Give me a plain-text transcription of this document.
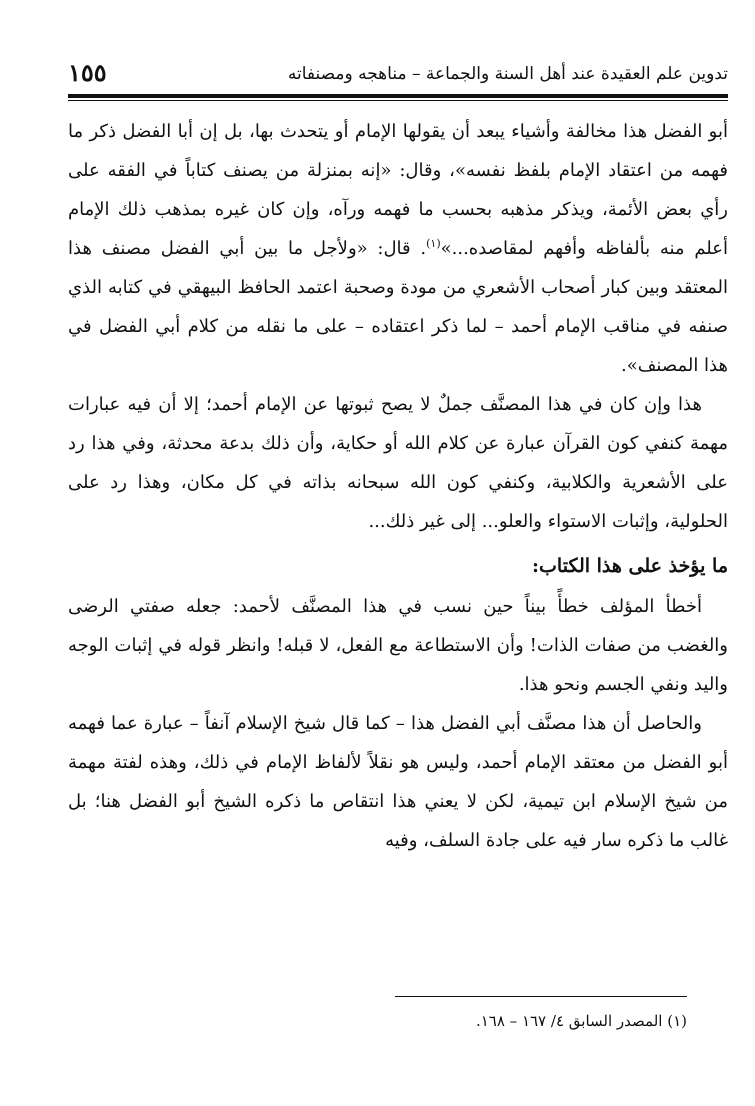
تدوين علم العقيدة عند أهل السنة والجماعة – مناهجه ومصنفاته
١٥٥

أبو الفضل هذا مخالفة وأشياء يبعد أن يقولها الإمام أو يتحدث بها، بل إن أبا الفضل ذكر ما فهمه من اعتقاد الإمام بلفظ نفسه»، وقال: «إنه بمنزلة من يصنف كتاباً في الفقه على رأي بعض الأئمة، ويذكر مذهبه بحسب ما فهمه ورآه، وإن كان غيره بمذهب ذلك الإمام أعلم منه بألفاظه وأفهم لمقاصده...»$^{(١)}$. قال: «ولأجل ما بين أبي الفضل مصنف هذا المعتقد وبين كبار أصحاب الأشعري من مودة وصحبة اعتمد الحافظ البيهقي في كتابه الذي صنفه في مناقب الإمام أحمد – لما ذكر اعتقاده – على ما نقله من كلام أبي الفضل في هذا المصنف».

هذا وإن كان في هذا المصنَّف جملٌ لا يصح ثبوتها عن الإمام أحمد؛ إلا أن فيه عبارات مهمة كنفي كون القرآن عبارة عن كلام الله أو حكاية، وأن ذلك بدعة محدثة، وفي هذا رد على الأشعرية والكلابية، وكنفي كون الله سبحانه بذاته في كل مكان، وهذا رد على الحلولية، وإثبات الاستواء والعلو... إلى غير ذلك...

ما يؤخذ على هذا الكتاب:

أخطأ المؤلف خطأً بيناً حين نسب في هذا المصنَّف لأحمد: جعله صفتي الرضى والغضب من صفات الذات! وأن الاستطاعة مع الفعل، لا قبله! وانظر قوله في إثبات الوجه واليد ونفي الجسم ونحو هذا.

والحاصل أن هذا مصنَّف أبي الفضل هذا – كما قال شيخ الإسلام آنفاً – عبارة عما فهمه أبو الفضل من معتقد الإمام أحمد، وليس هو نقلاً لألفاظ الإمام في ذلك، وهذه لفتة مهمة من شيخ الإسلام ابن تيمية، لكن لا يعني هذا انتقاص ما ذكره الشيخ أبو الفضل هنا؛ بل غالب ما ذكره سار فيه على جادة السلف، وفيه

(١) المصدر السابق ٤/ ١٦٧ – ١٦٨.
